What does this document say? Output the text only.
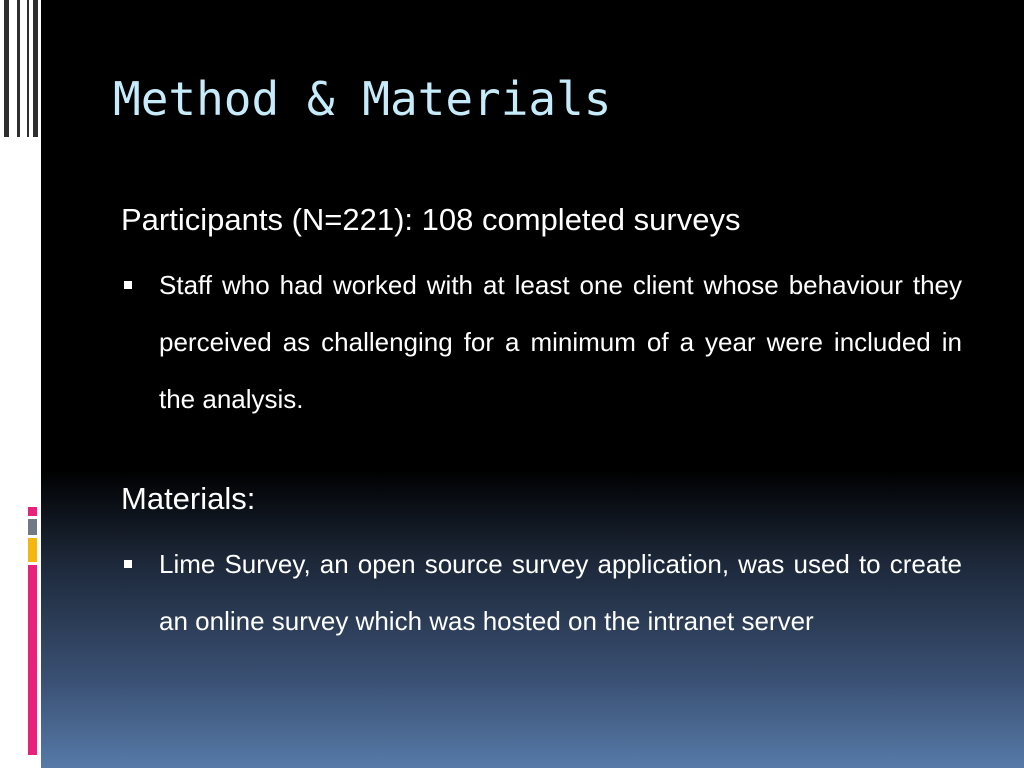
Method & Materials

Participants (N=221): 108 completed surveys

Staff who had worked with at least one client whose behaviour they perceived as challenging for a minimum of a year were included in the analysis.

Materials:

Lime Survey, an open source survey application, was used to create an online survey which was hosted on the intranet server
